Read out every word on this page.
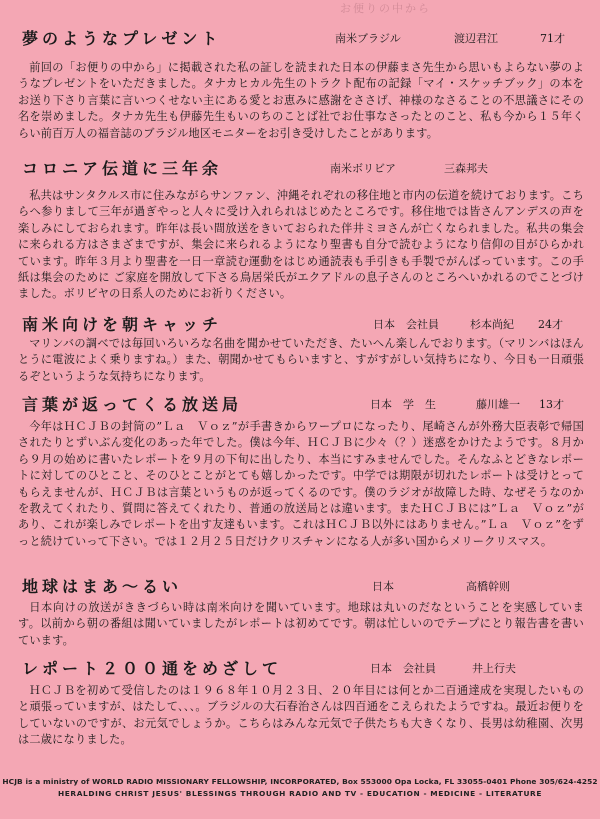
お便りの中から
夢のようなプレゼント	南米ブラジル	渡辺君江	71才
前回の「お便りの中から」に掲載された私の証しを読まれた日本の伊藤まさ先生から思いもよらない夢のようなプレゼントをいただきました。タナカヒカル先生のトラクト配布の記録「マイ・スケッチブック」の本をお送り下さり言葉に言いつくせない主にある愛とお恵みに感謝をささげ、神様のなさることの不思議さにその名を崇めました。タナカ先生も伊藤先生もいのちのことば社でお仕事なさったとのこと、私も今から１５年くらい前百万人の福音誌のブラジル地区モニターをお引き受けしたことがあります。
コロニア伝道に三年余	南米ボリビア	三森邦夫
私共はサンタクルス市に住みながらサンファン、沖縄それぞれの移住地と市内の伝道を続けております。こちらへ参りまして三年が過ぎやっと人々に受け入れられはじめたところです。移住地では皆さんアンデスの声を楽しみにしておられます。昨年は長い間放送をきいておられた伴井ミヨさんが亡くなられました。私共の集会に来られる方はさまざまですが、集会に来られるようになり聖書も自分で読むようになり信仰の目がひらかれています。昨年３月より聖書を一日一章読む運動をはじめ通読表も手引きも手製でがんばっています。この手紙は集会のために ご家庭を開放して下さる鳥居栄氏がエクアドルの息子さんのところへいかれるのでことづけました。ボリビヤの日系人のためにお祈りください。
南米向けを朝キャッチ	日本　会社員	杉本尚紀 24才
マリンバの調べでは毎回いろいろな名曲を聞かせていただき、たいへん楽しんでおります。（マリンバはほんとうに電波によく乗りますね。）また、朝聞かせてもらいますと、すがすがしい気持ちになり、今日も一日頑張るぞというような気持ちになります。
言葉が返ってくる放送局	日本　学　生	藤川雄一 13才
今年はＨＣＪＢの封筒の”Ｌａ　Ｖｏｚ”が手書きからワープロになったり、尾崎さんが外務大臣表彰で帰国されたりとずいぶん変化のあった年でした。僕は今年、ＨＣＪＢに少々（？）迷惑をかけたようです。８月から９月の始めに書いたレポートを９月の下旬に出したり、本当にすみませんでした。そんなふとどきなレポートに対してのひとこと、そのひとことがとても嬉しかったです。中学では期限が切れたレポートは受けとってもらえませんが、ＨＣＪＢは言葉というものが返ってくるのです。僕のラジオが故障した時、なぜそうなのかを教えてくれたり、質問に答えてくれたり、普通の放送局とは違います。またＨＣＪＢには”Ｌａ　Ｖｏｚ”があり、これが楽しみでレポートを出す友達もいます。これはＨＣＪＢ以外にはありません。”Ｌａ　Ｖｏｚ”をずっと続けていって下さい。では１２月２５日だけクリスチャンになる人が多い国からメリークリスマス。
地球はまあ～るい	日本	高橋幹则
日本向けの放送がききづらい時は南米向けを聞いています。地球は丸いのだなということを実感しています。以前から朝の番組は聞いていましたがレポートは初めてです。朝は忙しいのでテープにとり報告書を書いています。
レポート２００通をめざして	日本　会社員	井上行夫
ＨＣＪＢを初めて受信したのは１９６８年１０月２３日、２０年目には何とか二百通達成を実現したいものと頑張っていますが、はたして、、、。ブラジルの大石春治さんは四百通をこえられたようですね。最近お便りをしていないのですが、お元気でしょうか。こちらはみんな元気で子供たちも大きくなり、長男は幼稚園、次男は二歳になりました。
HCJB is a ministry of WORLD RADIO MISSIONARY FELLOWSHIP, INCORPORATED, Box 553000 Opa Locka, FL 33055-0401 Phone 305/624-4252
HERALDING CHRIST JESUS' BLESSINGS THROUGH RADIO AND TV - EDUCATION - MEDICINE - LITERATURE
